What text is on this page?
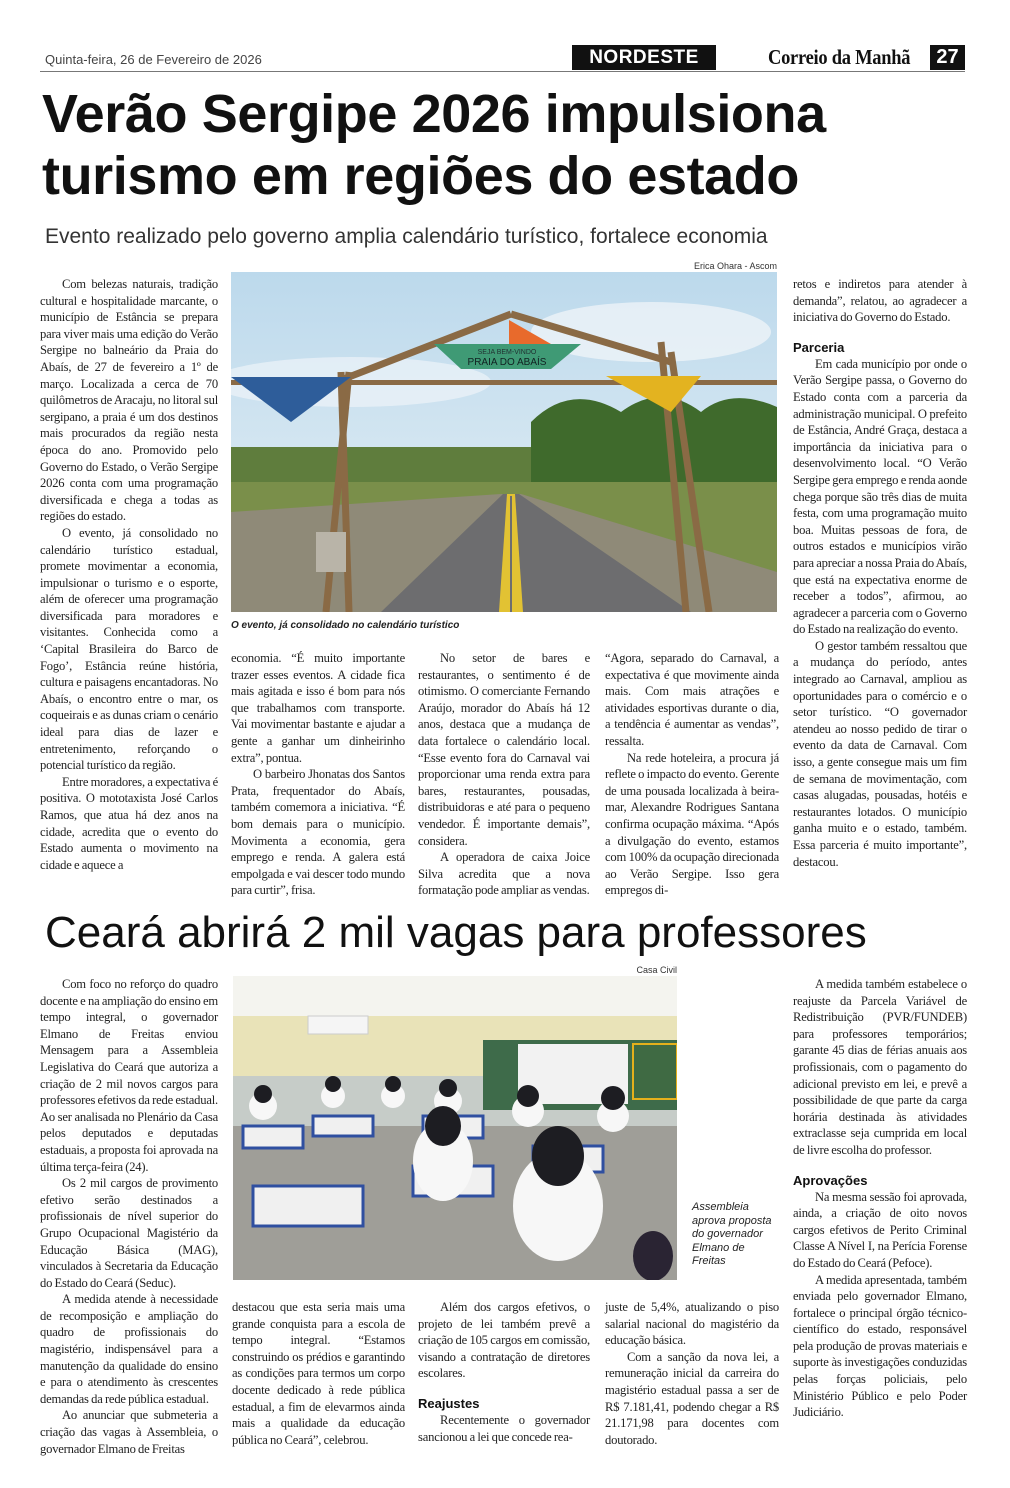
Quinta-feira, 26 de Fevereiro de 2026	NORDESTE	Correio da Manhã	27
Verão Sergipe 2026 impulsiona
turismo em regiões do estado
Evento realizado pelo governo amplia calendário turístico, fortalece economia
Erica Ohara - Ascom
SEJA BEM-VINDO
PRAIA DO ABAÍS
O evento, já consolidado no calendário turístico

Com belezas naturais, tradição cultural e hospitalidade marcante, o município de Estância se prepara para viver mais uma edição do Verão Sergipe no balneário da Praia do Abaís, de 27 de fevereiro a 1º de março. Localizada a cerca de 70 quilômetros de Aracaju, no litoral sul sergipano, a praia é um dos destinos mais procurados da região nesta época do ano. Promovido pelo Governo do Estado, o Verão Sergipe 2026 conta com uma programação diversificada e chega a todas as regiões do estado.

O evento, já consolidado no calendário turístico estadual, promete movimentar a economia, impulsionar o turismo e o esporte, além de oferecer uma programação diversificada para moradores e visitantes. Conhecida como a ‘Capital Brasileira do Barco de Fogo’, Estância reúne história, cultura e paisagens encantadoras. No Abaís, o encontro entre o mar, os coqueirais e as dunas criam o cenário ideal para dias de lazer e entretenimento, reforçando o potencial turístico da região.

Entre moradores, a expectativa é positiva. O mototaxista José Carlos Ramos, que atua há dez anos na cidade, acredita que o evento do Estado aumenta o movimento na cidade e aquece a

economia. “É muito importante trazer esses eventos. A cidade fica mais agitada e isso é bom para nós que trabalhamos com transporte. Vai movimentar bastante e ajudar a gente a ganhar um dinheirinho extra”, pontua.

O barbeiro Jhonatas dos Santos Prata, frequentador do Abaís, também comemora a iniciativa. “É bom demais para o município. Movimenta a economia, gera emprego e renda. A galera está empolgada e vai descer todo mundo para curtir”, frisa.

No setor de bares e restaurantes, o sentimento é de otimismo. O comerciante Fernando Araújo, morador do Abaís há 12 anos, destaca que a mudança de data fortalece o calendário local. “Esse evento fora do Carnaval vai proporcionar uma renda extra para bares, restaurantes, pousadas, distribuidoras e até para o pequeno vendedor. É importante demais”, considera.

A operadora de caixa Joice Silva acredita que a nova formatação pode ampliar as vendas.

“Agora, separado do Carnaval, a expectativa é que movimente ainda mais. Com mais atrações e atividades esportivas durante o dia, a tendência é aumentar as vendas”, ressalta.

Na rede hoteleira, a procura já reflete o impacto do evento. Gerente de uma pousada localizada à beira-mar, Alexandre Rodrigues Santana confirma ocupação máxima. “Após a divulgação do evento, estamos com 100% da ocupação direcionada ao Verão Sergipe. Isso gera empregos di-

retos e indiretos para atender à demanda”, relatou, ao agradecer a iniciativa do Governo do Estado.

Parceria

Em cada município por onde o Verão Sergipe passa, o Governo do Estado conta com a parceria da administração municipal. O prefeito de Estância, André Graça, destaca a importância da iniciativa para o desenvolvimento local. “O Verão Sergipe gera emprego e renda aonde chega porque são três dias de muita festa, com uma programação muito boa. Muitas pessoas de fora, de outros estados e municípios virão para apreciar a nossa Praia do Abaís, que está na expectativa enorme de receber a todos”, afirmou, ao agradecer a parceria com o Governo do Estado na realização do evento.

O gestor também ressaltou que a mudança do período, antes integrado ao Carnaval, ampliou as oportunidades para o comércio e o setor turístico. “O governador atendeu ao nosso pedido de tirar o evento da data de Carnaval. Com isso, a gente consegue mais um fim de semana de movimentação, com casas alugadas, pousadas, hotéis e restaurantes lotados. O município ganha muito e o estado, também. Essa parceria é muito importante”, destacou.

Ceará abrirá 2 mil vagas para professores
Casa Civil
Assembleia aprova proposta do governador Elmano de Freitas

Com foco no reforço do quadro docente e na ampliação do ensino em tempo integral, o governador Elmano de Freitas enviou Mensagem para a Assembleia Legislativa do Ceará que autoriza a criação de 2 mil novos cargos para professores efetivos da rede estadual. Ao ser analisada no Plenário da Casa pelos deputados e deputadas estaduais, a proposta foi aprovada na última terça-feira (24).

Os 2 mil cargos de provimento efetivo serão destinados a profissionais de nível superior do Grupo Ocupacional Magistério da Educação Básica (MAG), vinculados à Secretaria da Educação do Estado do Ceará (Seduc).

A medida atende à necessidade de recomposição e ampliação do quadro de profissionais do magistério, indispensável para a manutenção da qualidade do ensino e para o atendimento às crescentes demandas da rede pública estadual.

Ao anunciar que submeteria a criação das vagas à Assembleia, o governador Elmano de Freitas

destacou que esta seria mais uma grande conquista para a escola de tempo integral. “Estamos construindo os prédios e garantindo as condições para termos um corpo docente dedicado à rede pública estadual, a fim de elevarmos ainda mais a qualidade da educação pública no Ceará”, celebrou.

Além dos cargos efetivos, o projeto de lei também prevê a criação de 105 cargos em comissão, visando a contratação de diretores escolares.

Reajustes

Recentemente o governador sancionou a lei que concede rea-

juste de 5,4%, atualizando o piso salarial nacional do magistério da educação básica.

Com a sanção da nova lei, a remuneração inicial da carreira do magistério estadual passa a ser de R$ 7.181,41, podendo chegar a R$ 21.171,98 para docentes com doutorado.

A medida também estabelece o reajuste da Parcela Variável de Redistribuição (PVR/FUNDEB) para professores temporários; garante 45 dias de férias anuais aos profissionais, com o pagamento do adicional previsto em lei, e prevê a possibilidade de que parte da carga horária destinada às atividades extraclasse seja cumprida em local de livre escolha do professor.

Aprovações

Na mesma sessão foi aprovada, ainda, a criação de oito novos cargos efetivos de Perito Criminal Classe A Nível I, na Perícia Forense do Estado do Ceará (Pefoce).

A medida apresentada, também enviada pelo governador Elmano, fortalece o principal órgão técnico-científico do estado, responsável pela produção de provas materiais e suporte às investigações conduzidas pelas forças policiais, pelo Ministério Público e pelo Poder Judiciário.
